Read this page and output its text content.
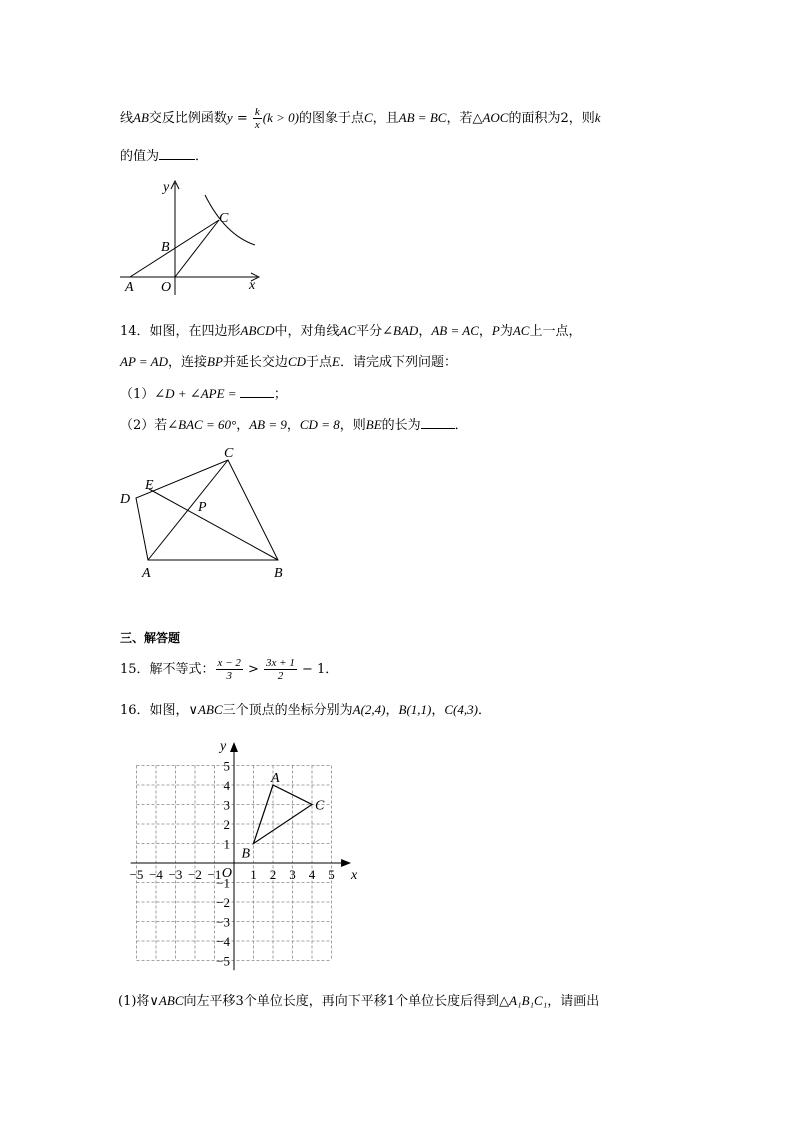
线AB交反比例函数$y = \frac{k}{x} (k > 0)$的图象于点C，且AB = BC，若△AOC的面积为2，则k
的值为	．
y
C
B
A O	x
14．如图，在四边形ABCD中，对角线AC平分∠BAD，AB = AC，P为AC上一点，
AP = AD，连接BP并延长交边CD于点E．请完成下列问题：
（1）∠D + ∠APE =	；
（2）若∠BAC = 60°，AB = 9，CD = 8，则BE的长为	．
C
E
D
P
A	B
三、解答题
15．解不等式： $\frac{x - 2}{3} > \frac{3x + 1}{2} - 1$．
16．如图，∨ABC三个顶点的坐标分别为A(2,4)，B(1,1)，C(4,3)．
−5 −4 −3 −2 −1 1 2 3 4 5
5
4
3
2
1
−1
−2
−3
−4
−5
O	x
y
A
B
C
(1)将∨ABC向左平移3个单位长度，再向下平移1个单位长度后得到△A₁B₁C₁，请画出
